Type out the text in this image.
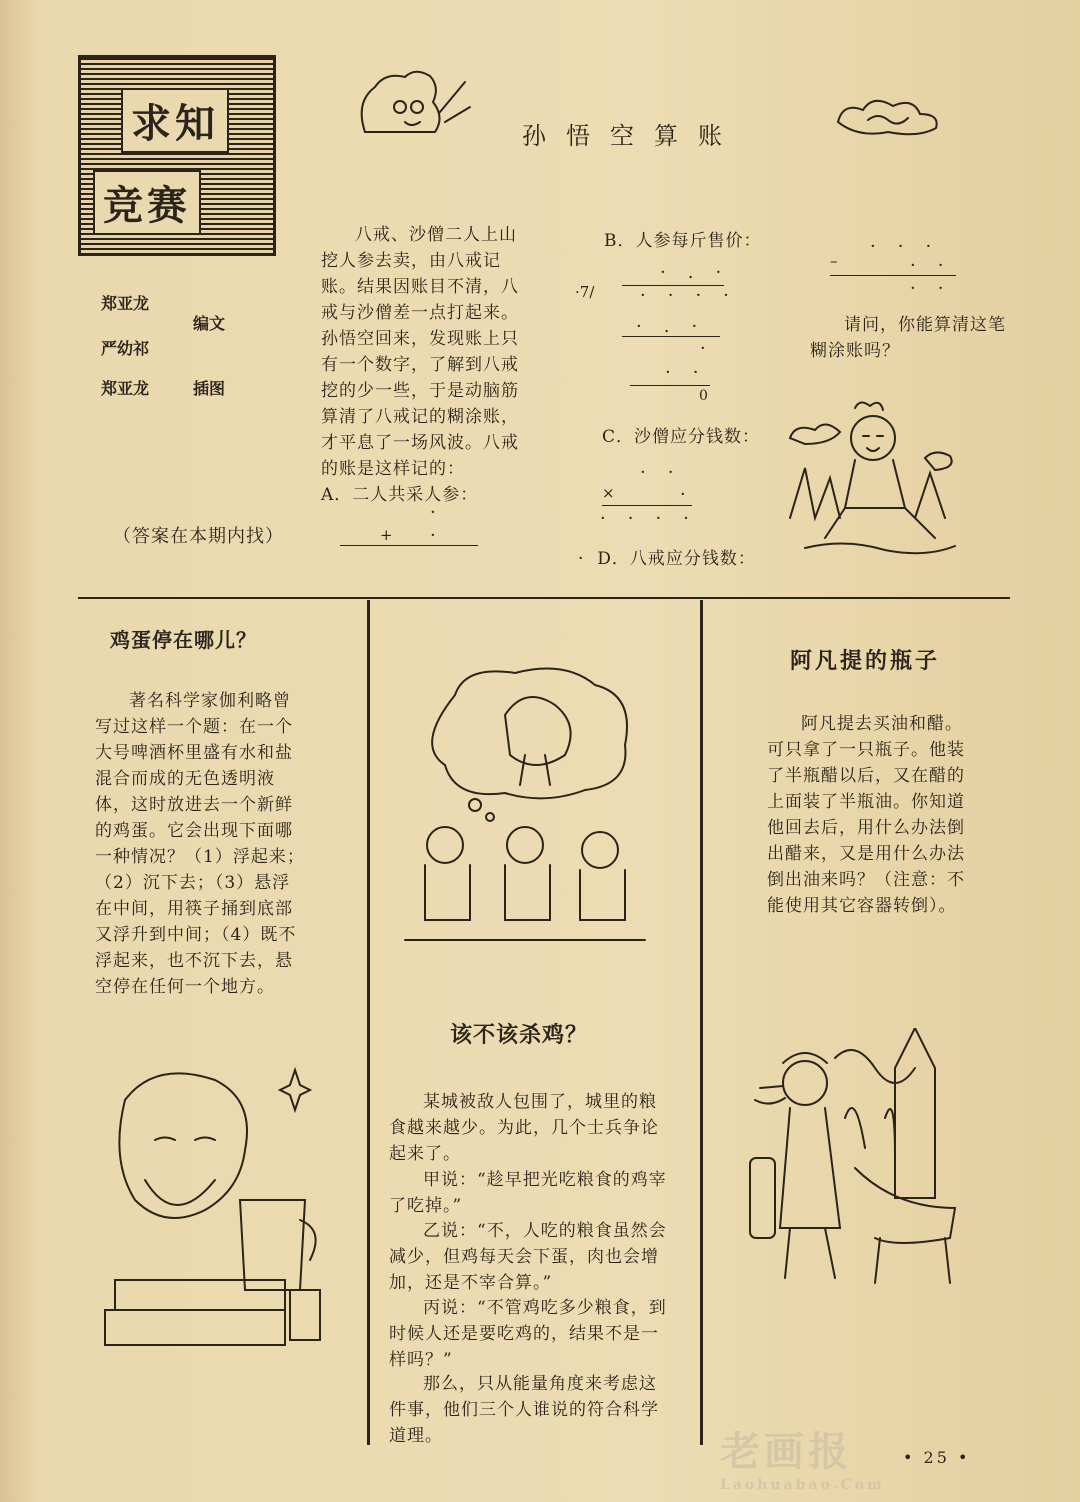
求知
竞赛
孙悟空算账
郑亚龙
严幼祁
编文
郑亚龙	插图
（答案在本期内找）
八戒、沙僧二人上山挖人参去卖，由八戒记账。结果因账目不清，八戒与沙僧差一点打起来。孙悟空回来，发现账上只有一个数字，了解到八戒挖的少一些，于是动脑筋算清了八戒记的糊涂账，才平息了一场风波。八戒的账是这样记的：
A．二人共采人参：
·
+ ·
B．人参每斤售价：
·.·
·7/	····
·.·
·
··
0
···
–	··
··
请问，你能算清这笔糊涂账吗？
C．沙僧应分钱数：
··
×	·
····
·  D．八戒应分钱数：
鸡蛋停在哪儿？
著名科学家伽利略曾写过这样一个题：在一个大号啤酒杯里盛有水和盐混合而成的无色透明液体，这时放进去一个新鲜的鸡蛋。它会出现下面哪一种情况？（1）浮起来；（2）沉下去；（3）悬浮在中间，用筷子捅到底部又浮升到中间；（4）既不浮起来，也不沉下去，悬空停在任何一个地方。
该不该杀鸡？
某城被敌人包围了，城里的粮食越来越少。为此，几个士兵争论起来了。
甲说：“趁早把光吃粮食的鸡宰了吃掉。”
乙说：“不，人吃的粮食虽然会减少，但鸡每天会下蛋，肉也会增加，还是不宰合算。”
丙说：“不管鸡吃多少粮食，到时候人还是要吃鸡的，结果不是一样吗？”
那么，只从能量角度来考虑这件事，他们三个人谁说的符合科学道理。
阿凡提的瓶子
阿凡提去买油和醋。可只拿了一只瓶子。他装了半瓶醋以后，又在醋的上面装了半瓶油。你知道他回去后，用什么办法倒出醋来，又是用什么办法倒出油来吗？（注意：不能使用其它容器转倒）。
老画报
Laohuabao.Com
• 25 •
